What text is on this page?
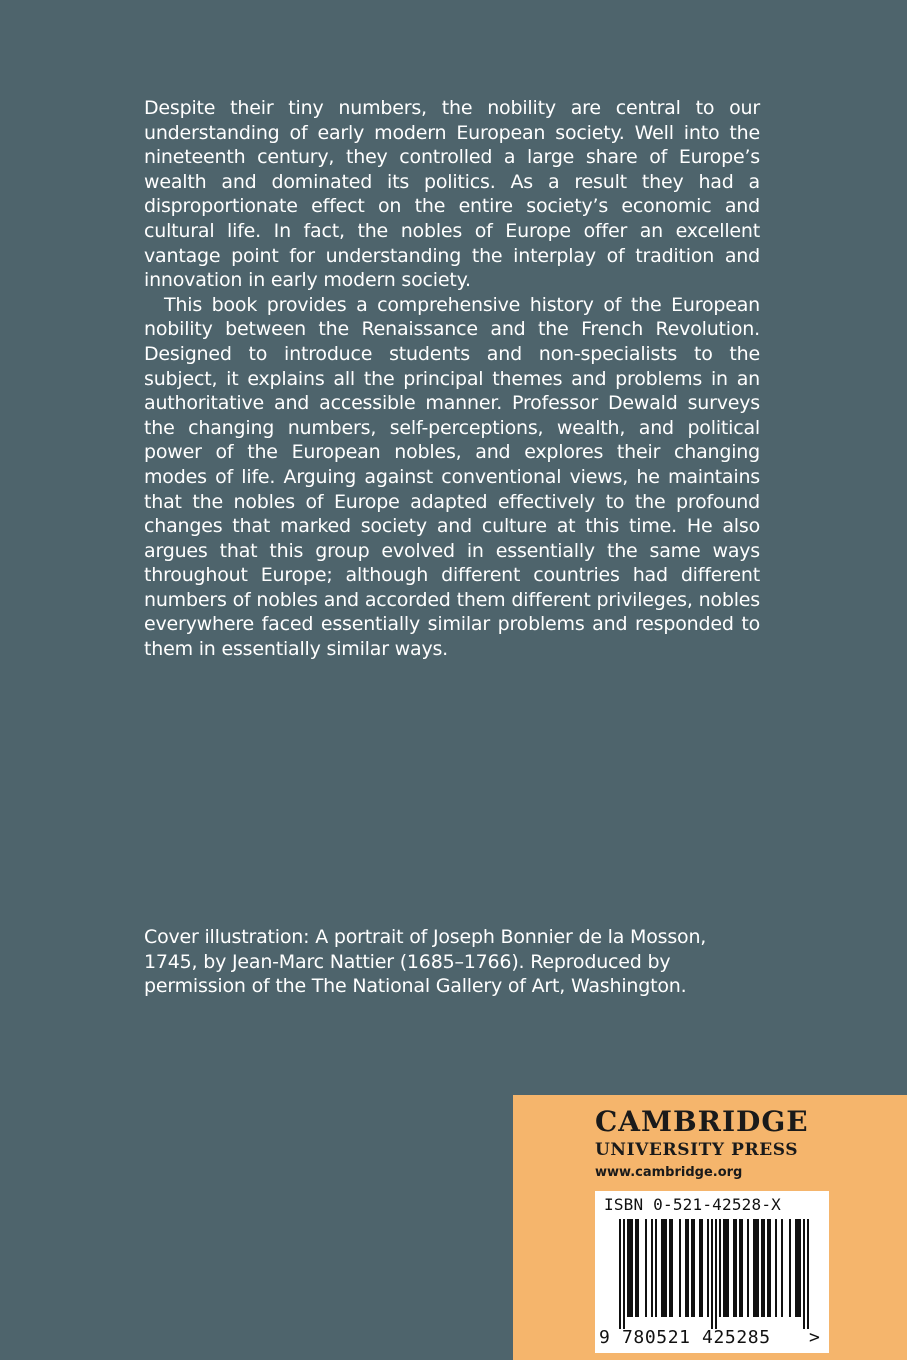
Despite their tiny numbers, the nobility are central to our understanding of early modern European society. Well into the nineteenth century, they controlled a large share of Europe’s wealth and dominated its politics. As a result they had a disproportionate effect on the entire society’s economic and cultural life. In fact, the nobles of Europe offer an excellent vantage point for understanding the interplay of tradition and innovation in early modern society.

This book provides a comprehensive history of the European nobility between the Renaissance and the French Revolution. Designed to introduce students and non-specialists to the subject, it explains all the principal themes and problems in an authoritative and accessible manner. Professor Dewald surveys the changing numbers, self-perceptions, wealth, and political power of the European nobles, and explores their changing modes of life. Arguing against conventional views, he maintains that the nobles of Europe adapted effectively to the profound changes that marked society and culture at this time. He also argues that this group evolved in essentially the same ways throughout Europe; although different countries had different numbers of nobles and accorded them different privileges, nobles everywhere faced essentially similar problems and responded to them in essentially similar ways.

Cover illustration: A portrait of Joseph Bonnier de la Mosson, 1745, by Jean-Marc Nattier (1685–1766). Reproduced by permission of the The National Gallery of Art, Washington.

CAMBRIDGE
UNIVERSITY PRESS
www.cambridge.org
ISBN 0-521-42528-X
9 780521 425285 >
